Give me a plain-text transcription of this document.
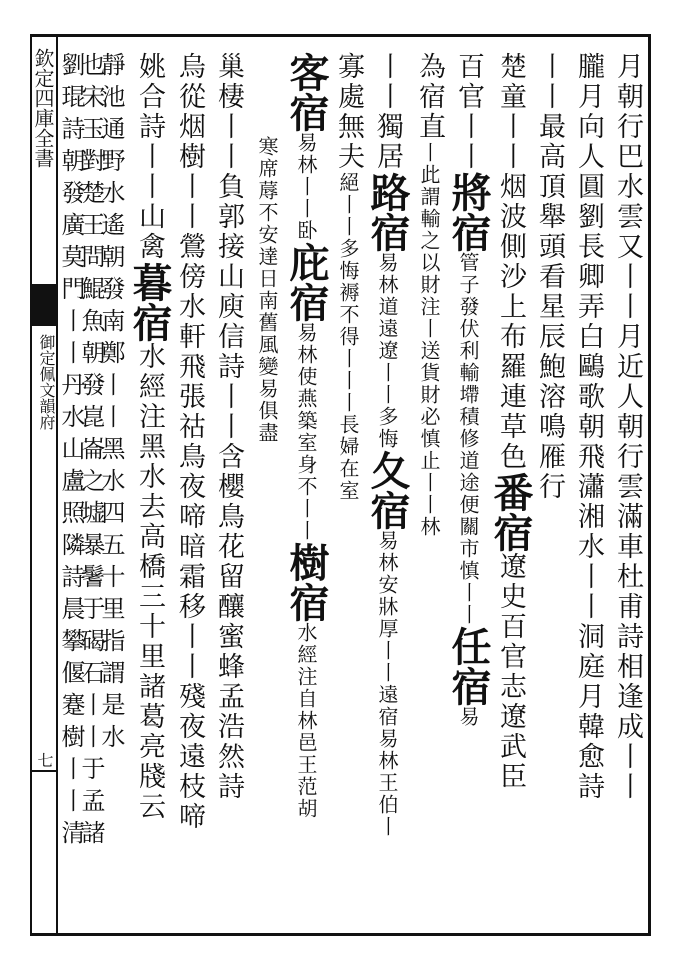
欽定四庫全書
御定佩文韻府
七	月朝行巴水雲又丨丨月近人朝行雲滿車杜甫詩相逢成丨丨
朧月向人圓劉長卿弄白鷗歌朝飛瀟湘水丨丨洞庭月韓愈詩
丨丨最高頂舉頭看星辰鮑溶鳴雁行
楚童丨丨烟波側沙上布羅連草色番宿遼史百官志遼武臣
百官丨丨將宿管子發伏利輸墆積修道途便關市慎丨丨任宿易
為宿直丨此謂輸之以財注丨送貨財必慎止丨丨林
丨丨獨居路宿易林道遠遼丨丨多悔夂宿易林安牀厚丨丨遠宿易林王伯丨
寡處無夫絕丨丨多悔褥不得丨丨丨長婦在室
客宿易林丨丨卧庇宿易林使燕築室身不丨丨樹宿水經注自林邑王范胡
寒席蓐不安達日南舊風變易俱盡
巢棲丨丨負郭接山庾信詩丨丨含櫻鳥花留釀蜜蜂孟浩然詩
烏從烟樹丨丨鶯傍水軒飛張祜鳥夜啼暗霜移丨丨殘夜遠枝啼
姚合詩丨丨山禽暮宿水經注黑水去高橋三十里諸葛亮牋云
靜池通野水遙朝發南鄭丨丨黑水四五十里指謂是水
也宋玉對楚王問鯤魚朝發崑崙之墟暴鬐于碣石丨丨于孟諸
劉琨詩朝發廣莫門丨丨丹水山盧照隣詩晨攀偃蹇樹丨丨清
